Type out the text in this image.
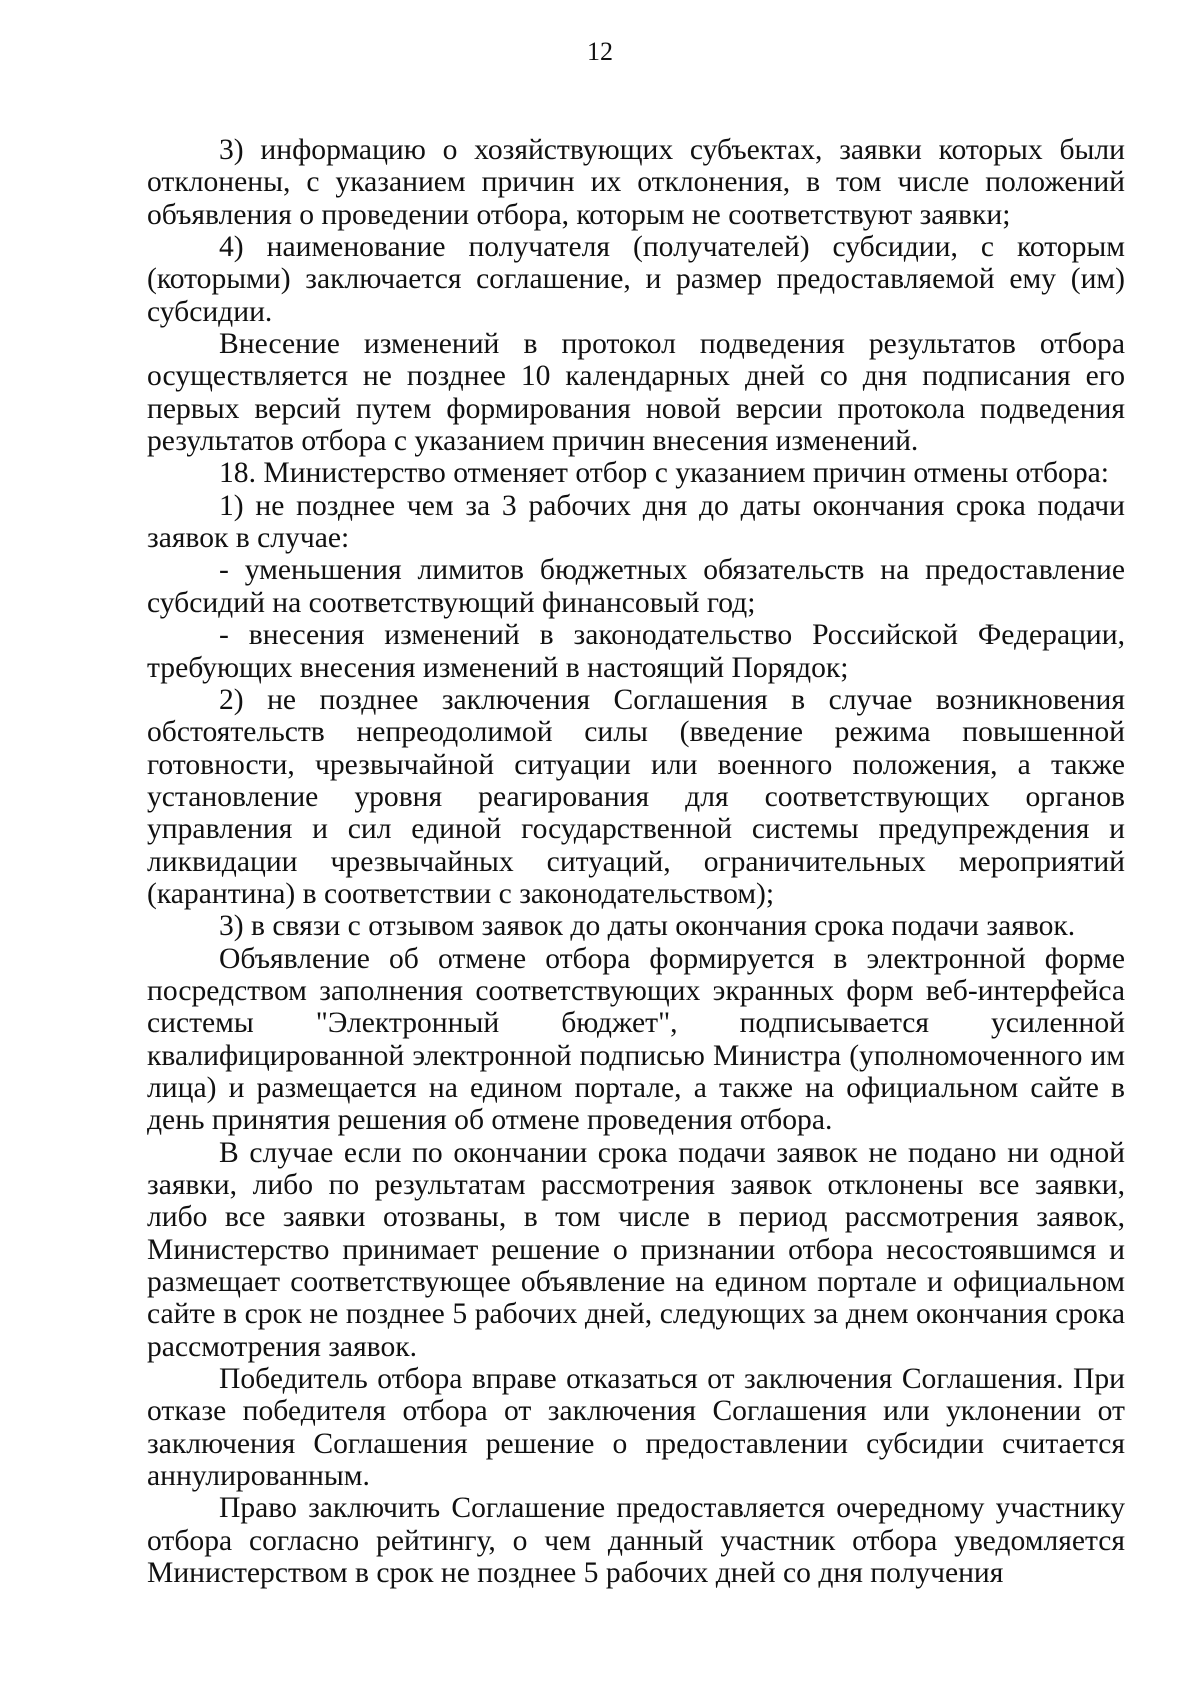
12

3) информацию о хозяйствующих субъектах, заявки которых были отклонены, с указанием причин их отклонения, в том числе положений объявления о проведении отбора, которым не соответствуют заявки;

4) наименование получателя (получателей) субсидии, с которым (которыми) заключается соглашение, и размер предоставляемой ему (им) субсидии.

Внесение изменений в протокол подведения результатов отбора осуществляется не позднее 10 календарных дней со дня подписания его первых версий путем формирования новой версии протокола подведения результатов отбора с указанием причин внесения изменений.

18. Министерство отменяет отбор с указанием причин отмены отбора:

1) не позднее чем за 3 рабочих дня до даты окончания срока подачи заявок в случае:

- уменьшения лимитов бюджетных обязательств на предоставление субсидий на соответствующий финансовый год;

- внесения изменений в законодательство Российской Федерации, требующих внесения изменений в настоящий Порядок;

2) не позднее заключения Соглашения в случае возникновения обстоятельств непреодолимой силы (введение режима повышенной готовности, чрезвычайной ситуации или военного положения, а также установление уровня реагирования для соответствующих органов управления и сил единой государственной системы предупреждения и ликвидации чрезвычайных ситуаций, ограничительных мероприятий (карантина) в соответствии с законодательством);

3) в связи с отзывом заявок до даты окончания срока подачи заявок.

Объявление об отмене отбора формируется в электронной форме посредством заполнения соответствующих экранных форм веб-интерфейса системы "Электронный бюджет", подписывается усиленной квалифицированной электронной подписью Министра (уполномоченного им лица) и размещается на едином портале, а также на официальном сайте в день принятия решения об отмене проведения отбора.

В случае если по окончании срока подачи заявок не подано ни одной заявки, либо по результатам рассмотрения заявок отклонены все заявки, либо все заявки отозваны, в том числе в период рассмотрения заявок, Министерство принимает решение о признании отбора несостоявшимся и размещает соответствующее объявление на едином портале и официальном сайте в срок не позднее 5 рабочих дней, следующих за днем окончания срока рассмотрения заявок.

Победитель отбора вправе отказаться от заключения Соглашения. При отказе победителя отбора от заключения Соглашения или уклонении от заключения Соглашения решение о предоставлении субсидии считается аннулированным.

Право заключить Соглашение предоставляется очередному участнику отбора согласно рейтингу, о чем данный участник отбора уведомляется Министерством в срок не позднее 5 рабочих дней со дня получения
